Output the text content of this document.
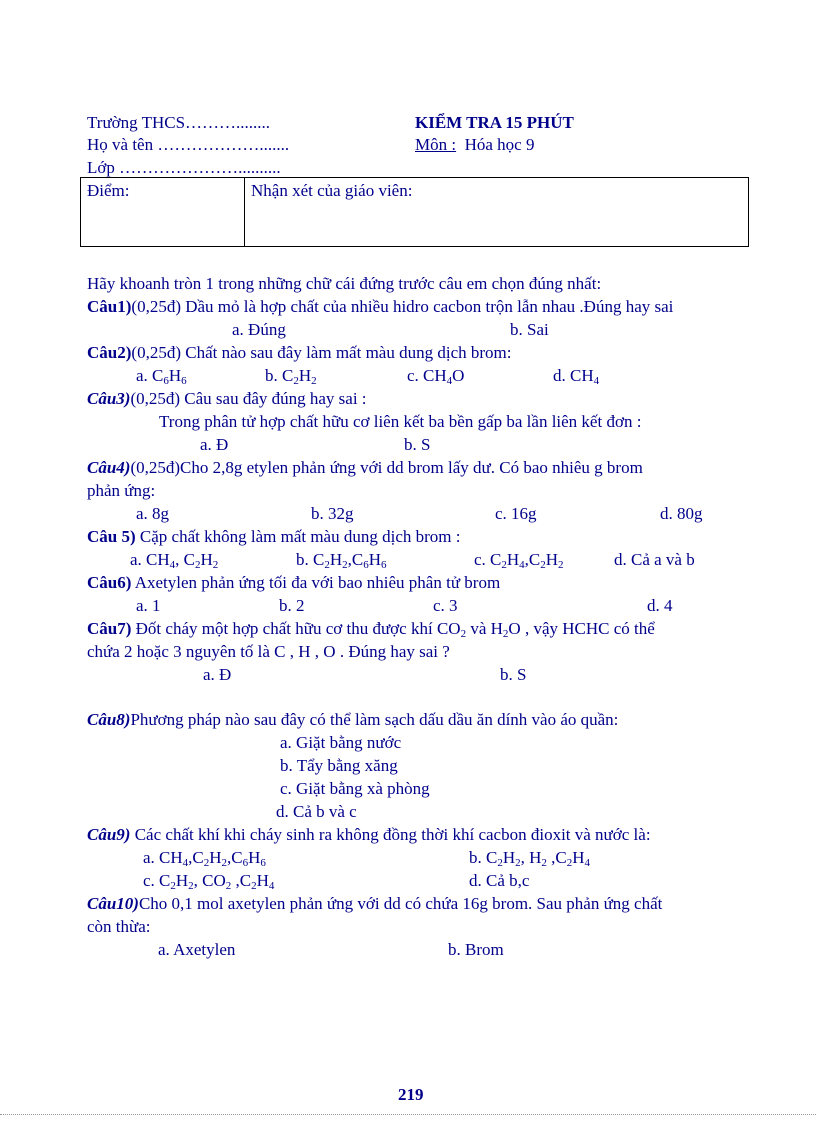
Trường THCS………........
Họ và tên ……………….......
Lớp …………………..........
KIỂM TRA 15 PHÚT
Môn : Hóa học 9
Điểm:	Nhận xét của giáo viên:
Hãy khoanh tròn 1 trong những chữ cái đứng trước câu em chọn đúng nhất:
Câu1)(0,25đ) Dầu mỏ là hợp chất của nhiều hidro cacbon trộn lẫn nhau .Đúng hay sai
a. Đúng	b. Sai
Câu2)(0,25đ) Chất nào sau đây làm mất màu dung dịch brom:
a. $C_6H_6$	b. $C_2H_2$	c. $CH_4O$	d. $CH_4$
Câu3)(0,25đ) Câu sau đây đúng hay sai :
Trong phân tử hợp chất hữu cơ liên kết ba bền gấp ba lần liên kết đơn :
a. Đ	b. S
Câu4)(0,25đ)Cho 2,8g etylen phản ứng với dd brom lấy dư. Có bao nhiêu g brom
phản ứng:
a. 8g	b. 32g	c. 16g	d. 80g
Câu 5) Cặp chất không làm mất màu dung dịch brom :
a. $CH_4$, $C_2H_2$	b. $C_2H_2,C_6H_6$	c. $C_2H_4,C_2H_2$	d. Cả a và b
Câu6) Axetylen phản ứng tối đa với bao nhiêu phân tử brom
a. 1	b. 2	c. 3	d. 4
Câu7) Đốt cháy một hợp chất hữu cơ thu được khí $CO_2$ và $H_2O$ , vậy HCHC có thể
chứa 2 hoặc 3 nguyên tố là C , H , O . Đúng hay sai ?
a. Đ	b. S
Câu8)Phương pháp nào sau đây có thể làm sạch dấu dầu ăn dính vào áo quần:
a. Giặt bằng nước
b. Tẩy bằng xăng
c. Giặt bằng xà phòng
d. Cả b và c
Câu9) Các chất khí khi cháy sinh ra không đồng thời khí cacbon đioxit và nước là:
a. $CH_4,C_2H_2,C_6H_6$	b. $C_2H_2$, $H_2$ $,C_2H_4$
c. $C_2H_2$, $CO_2$ $,C_2H_4$	d. Cả b,c
Câu10)Cho 0,1 mol axetylen phản ứng với dd có chứa 16g brom. Sau phản ứng chất
còn thừa:
a. Axetylen	b. Brom
219
